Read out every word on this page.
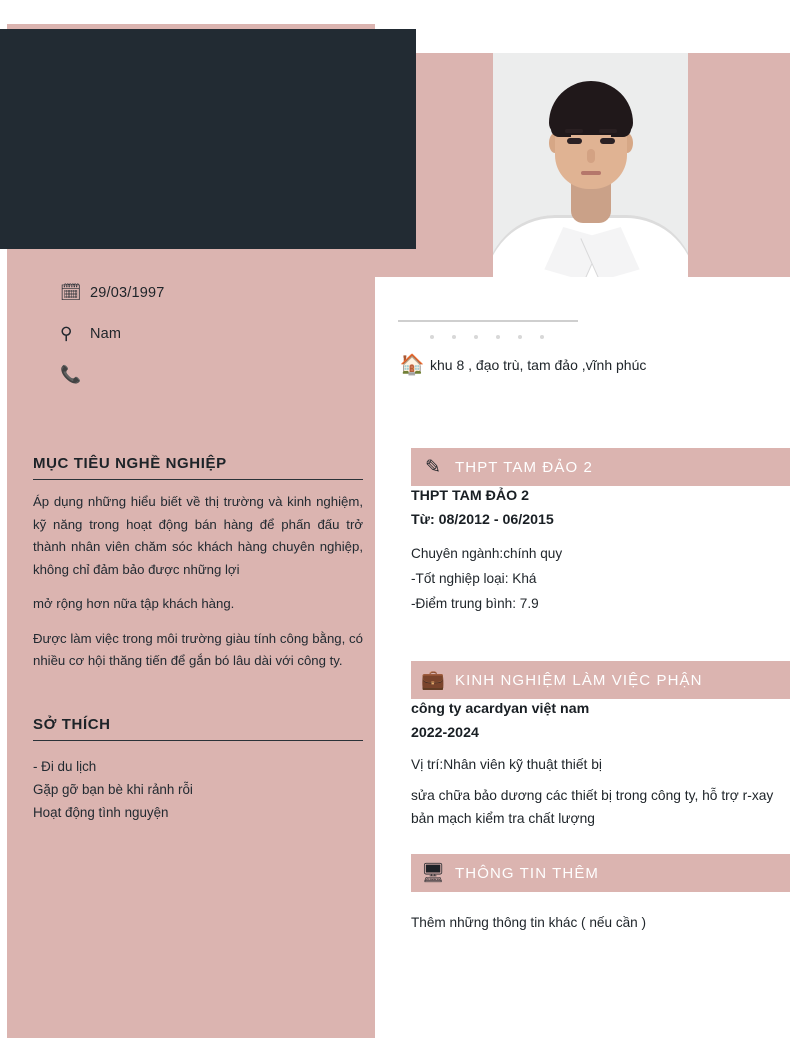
🗓 29/03/1997
⚲	Nam
📞
MỤC TIÊU NGHỀ NGHIỆP

Áp dụng những hiểu biết về thị trường và kinh nghiệm, kỹ năng trong hoạt động bán hàng để phấn đấu trở thành nhân viên chăm sóc khách hàng chuyên nghiệp, không chỉ đảm bảo được những lợi

mở rộng hơn nữa tập khách hàng.

Được làm việc trong môi trường giàu tính công bằng, có nhiều cơ hội thăng tiến để gắn bó lâu dài với công ty.

SỞ THÍCH
- Đi du lịch
Gặp gỡ bạn bè khi rảnh rỗi
Hoạt động tình nguyện
🏠 khu 8 , đạo trù, tam đảo ,vĩnh phúc
✎ THPT TAM ĐẢO 2
THPT TAM ĐẢO 2
Từ: 08/2012 - 06/2015
Chuyên ngành:chính quy
-Tốt nghiệp loại: Khá
-Điểm trung bình: 7.9
💼 KINH NGHIỆM LÀM VIỆC PHẬN
công ty acardyan việt nam
2022-2024
Vị trí:Nhân viên kỹ thuật thiết bị
sửa chữa bảo dương các thiết bị trong công ty, hỗ trợ r-xay bản mạch kiểm tra chất lượng
🖥 THÔNG TIN THÊM
Thêm những thông tin khác ( nếu cần )
